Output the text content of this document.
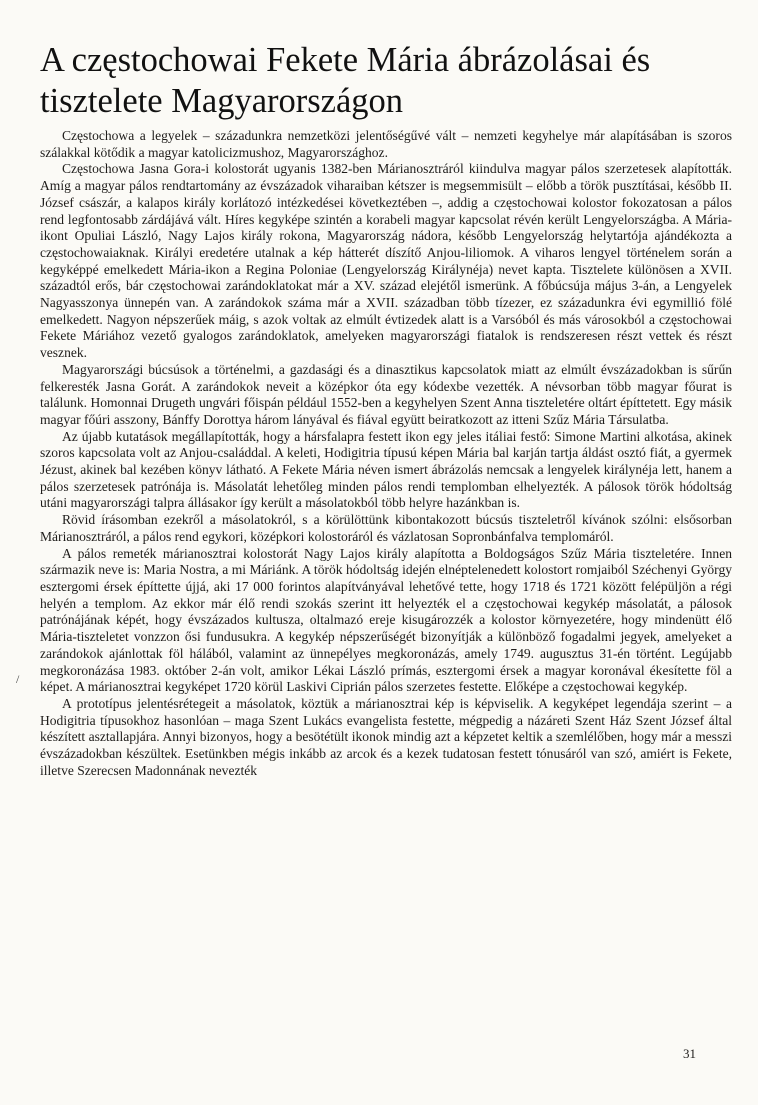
A częstochowai Fekete Mária ábrázolásai és tisztelete Magyarországon

Częstochowa a legyelek – századunkra nemzetközi jelentőségűvé vált – nemzeti kegyhelye már alapításában is szoros szálakkal kötődik a magyar katolicizmushoz, Magyarországhoz.

Częstochowa Jasna Gora-i kolostorát ugyanis 1382-ben Márianosztráról kiindulva magyar pálos szerzetesek alapították. Amíg a magyar pálos rendtartomány az évszázadok viharaiban kétszer is megsemmisült – előbb a török pusztításai, később II. József császár, a kalapos király korlátozó intézkedései következtében –, addig a częstochowai kolostor fokozatosan a pálos rend legfontosabb zárdájává vált. Híres kegyképe szintén a korabeli magyar kapcsolat révén került Lengyelországba. A Mária-ikont Opuliai László, Nagy Lajos király rokona, Magyarország nádora, később Lengyelország helytartója ajándékozta a częstochowaiaknak. Királyi eredetére utalnak a kép hátterét díszítő Anjou-liliomok. A viharos lengyel történelem során a kegyképpé emelkedett Mária-ikon a Regina Poloniae (Lengyelország Királynéja) nevet kapta. Tisztelete különösen a XVII. századtól erős, bár częstochowai zarándoklatokat már a XV. század elejétől ismerünk. A főbúcsúja május 3-án, a Lengyelek Nagyasszonya ünnepén van. A zarándokok száma már a XVII. században több tízezer, ez századunkra évi egymillió fölé emelkedett. Nagyon népszerűek máig, s azok voltak az elmúlt évtizedek alatt is a Varsóból és más városokból a częstochowai Fekete Máriához vezető gyalogos zarándoklatok, amelyeken magyarországi fiatalok is rendszeresen részt vettek és részt vesznek.

Magyarországi búcsúsok a történelmi, a gazdasági és a dinasztikus kapcsolatok miatt az elmúlt évszázadokban is sűrűn felkeresték Jasna Gorát. A zarándokok neveit a középkor óta egy kódexbe vezették. A névsorban több magyar főurat is találunk. Homonnai Drugeth ungvári főispán például 1552-ben a kegyhelyen Szent Anna tiszteletére oltárt építtetett. Egy másik magyar főúri asszony, Bánffy Dorottya három lányával és fiával együtt beiratkozott az itteni Szűz Mária Társulatba.

Az újabb kutatások megállapították, hogy a hársfalapra festett ikon egy jeles itáliai festő: Simone Martini alkotása, akinek szoros kapcsolata volt az Anjou-családdal. A keleti, Hodigitria típusú képen Mária bal karján tartja áldást osztó fiát, a gyermek Jézust, akinek bal kezében könyv látható. A Fekete Mária néven ismert ábrázolás nemcsak a lengyelek királynéja lett, hanem a pálos szerzetesek patrónája is. Másolatát lehetőleg minden pálos rendi templomban elhelyezték. A pálosok török hódoltság utáni magyarországi talpra állásakor így került a másolatokból több helyre hazánkban is.

Rövid írásomban ezekről a másolatokról, s a körülöttünk kibontakozott búcsús tiszteletről kívánok szólni: elsősorban Márianosztráról, a pálos rend egykori, középkori kolostoráról és vázlatosan Sopronbánfalva templomáról.

A pálos remeték márianosztrai kolostorát Nagy Lajos király alapította a Boldogságos Szűz Mária tiszteletére. Innen származik neve is: Maria Nostra, a mi Máriánk. A török hódoltság idején elnéptelenedett kolostort romjaiból Széchenyi György esztergomi érsek építtette újjá, aki 17 000 forintos alapítványával lehetővé tette, hogy 1718 és 1721 között felépüljön a régi helyén a templom. Az ekkor már élő rendi szokás szerint itt helyezték el a częstochowai kegykép másolatát, a pálosok patrónájának képét, hogy évszázados kultusza, oltalmazó ereje kisugározzék a kolostor környezetére, hogy mindenütt élő Mária-tiszteletet vonzzon ősi fundusukra. A kegykép népszerűségét bizonyítják a különböző fogadalmi jegyek, amelyeket a zarándokok ajánlottak föl hálából, valamint az ünnepélyes megkoronázás, amely 1749. augusztus 31-én történt. Legújabb megkoronázása 1983. október 2-án volt, amikor Lékai László prímás, esztergomi érsek a magyar koronával ékesítette föl a képet. A márianosztrai kegyképet 1720 körül Laskivi Ciprián pálos szerzetes festette. Előképe a częstochowai kegykép.

A prototípus jelentésrétegeit a másolatok, köztük a márianosztrai kép is képviselik. A kegyképet legendája szerint – a Hodigitria típusokhoz hasonlóan – maga Szent Lukács evangelista festette, mégpedig a názáreti Szent Ház Szent József által készített asztallapjára. Annyi bizonyos, hogy a besötétült ikonok mindig azt a képzetet keltik a szemlélőben, hogy már a messzi évszázadokban készültek. Esetünkben mégis inkább az arcok és a kezek tudatosan festett tónusáról van szó, amiért is Fekete, illetve Szerecsen Madonnának nevezték

/
31
